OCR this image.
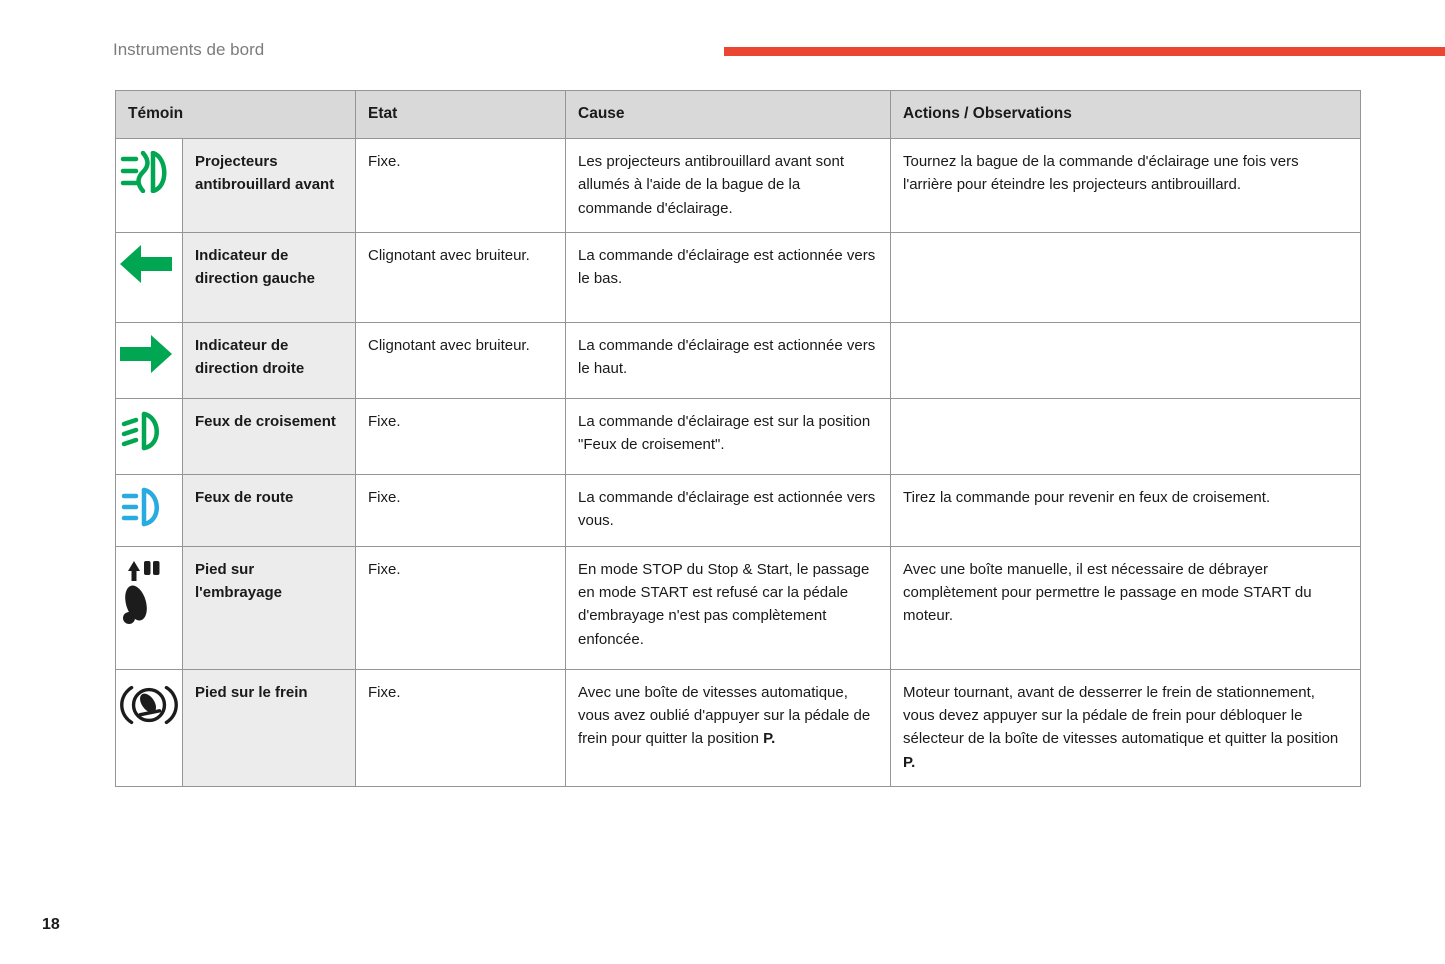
Instruments de bord
Témoin		Etat	Cause	Actions / Observations
	Projecteurs antibrouillard avant	Fixe.	Les projecteurs antibrouillard avant sont allumés à l'aide de la bague de la commande d'éclairage.	Tournez la bague de la commande d'éclairage une fois vers l'arrière pour éteindre les projecteurs antibrouillard.
	Indicateur de direction gauche	Clignotant avec bruiteur.	La commande d'éclairage est actionnée vers le bas.	
	Indicateur de direction droite	Clignotant avec bruiteur.	La commande d'éclairage est actionnée vers le haut.	
	Feux de croisement	Fixe.	La commande d'éclairage est sur la position "Feux de croisement".	
	Feux de route	Fixe.	La commande d'éclairage est actionnée vers vous.	Tirez la commande pour revenir en feux de croisement.
	Pied sur l'embrayage	Fixe.	En mode STOP du Stop & Start, le passage en mode START est refusé car la pédale d'embrayage n'est pas complètement enfoncée.	Avec une boîte manuelle, il est nécessaire de débrayer complètement pour permettre le passage en mode START du moteur.
	Pied sur le frein	Fixe.	Avec une boîte de vitesses automatique, vous avez oublié d'appuyer sur la pédale de frein pour quitter la position P.	Moteur tournant, avant de desserrer le frein de stationnement, vous devez appuyer sur la pédale de frein pour débloquer le sélecteur de la boîte de vitesses automatique et quitter la position P.
18
